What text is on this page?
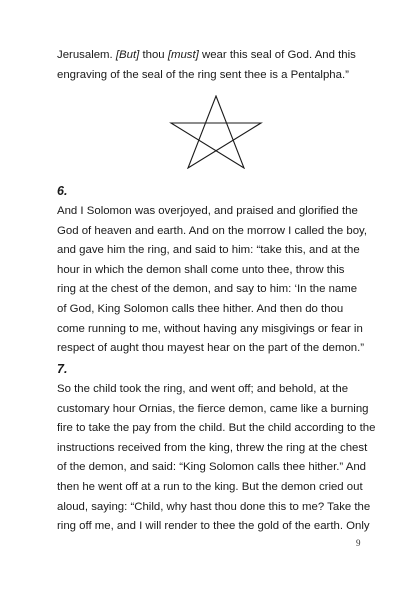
Jerusalem. [But] thou [must] wear this seal of God. And this
engraving of the seal of the ring sent thee is a Pentalpha.”
6.
And I Solomon was overjoyed, and praised and glorified the
God of heaven and earth. And on the morrow I called the boy,
and gave him the ring, and said to him: “take this, and at the
hour in which the demon shall come unto thee, throw this
ring at the chest of the demon, and say to him: ‘In the name
of God, King Solomon calls thee hither. And then do thou
come running to me, without having any misgivings or fear in
respect of aught thou mayest hear on the part of the demon.”
7.
So the child took the ring, and went off; and behold, at the
customary hour Ornias, the fierce demon, came like a burning
fire to take the pay from the child. But the child according to the
instructions received from the king, threw the ring at the chest
of the demon, and said: “King Solomon calls thee hither.” And
then he went off at a run to the king. But the demon cried out
aloud, saying: “Child, why hast thou done this to me? Take the
ring off me, and I will render to thee the gold of the earth. Only
9
